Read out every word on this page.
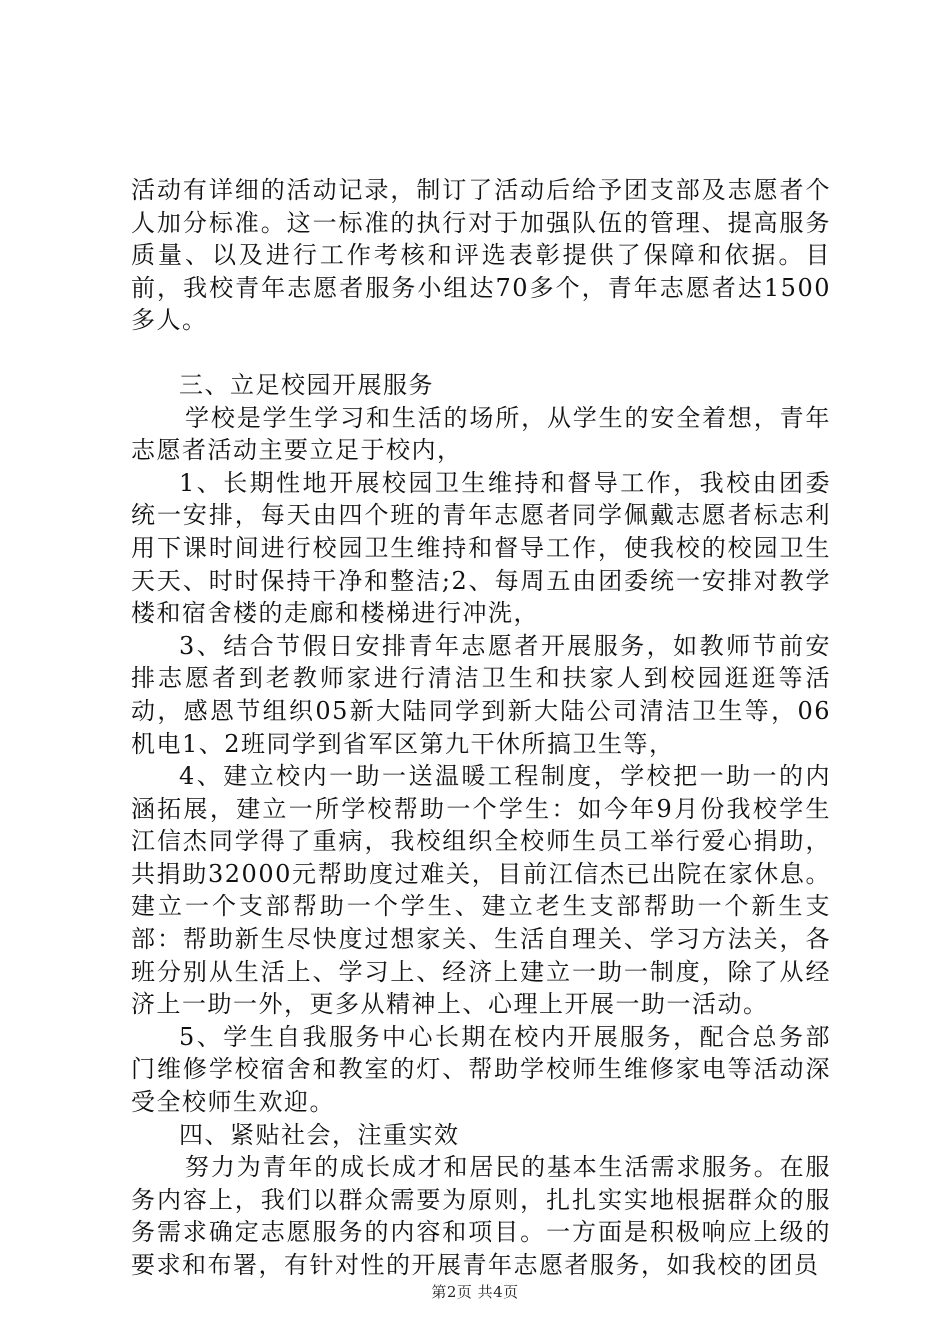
活动有详细的活动记录，制订了活动后给予团支部及志愿者个人加分标准。这一标准的执行对于加强队伍的管理、提高服务质量、以及进行工作考核和评选表彰提供了保障和依据。目前，我校青年志愿者服务小组达70多个，青年志愿者达1500多人。

三、立足校园开展服务

学校是学生学习和生活的场所，从学生的安全着想，青年志愿者活动主要立足于校内，

1、长期性地开展校园卫生维持和督导工作，我校由团委统一安排，每天由四个班的青年志愿者同学佩戴志愿者标志利用下课时间进行校园卫生维持和督导工作，使我校的校园卫生天天、时时保持干净和整洁;2、每周五由团委统一安排对教学楼和宿舍楼的走廊和楼梯进行冲洗，

3、结合节假日安排青年志愿者开展服务，如教师节前安排志愿者到老教师家进行清洁卫生和扶家人到校园逛逛等活动，感恩节组织05新大陆同学到新大陆公司清洁卫生等，06机电1、2班同学到省军区第九干休所搞卫生等，

4、建立校内一助一送温暖工程制度，学校把一助一的内涵拓展，建立一所学校帮助一个学生：如今年9月份我校学生江信杰同学得了重病，我校组织全校师生员工举行爱心捐助，共捐助32000元帮助度过难关，目前江信杰已出院在家休息。建立一个支部帮助一个学生、建立老生支部帮助一个新生支部：帮助新生尽快度过想家关、生活自理关、学习方法关，各班分别从生活上、学习上、经济上建立一助一制度，除了从经济上一助一外，更多从精神上、心理上开展一助一活动。

5、学生自我服务中心长期在校内开展服务，配合总务部门维修学校宿舍和教室的灯、帮助学校师生维修家电等活动深受全校师生欢迎。

四、紧贴社会，注重实效

努力为青年的成长成才和居民的基本生活需求服务。在服务内容上，我们以群众需要为原则，扎扎实实地根据群众的服务需求确定志愿服务的内容和项目。一方面是积极响应上级的要求和布署，有针对性的开展青年志愿者服务，如我校的团员

第2页 共4页
